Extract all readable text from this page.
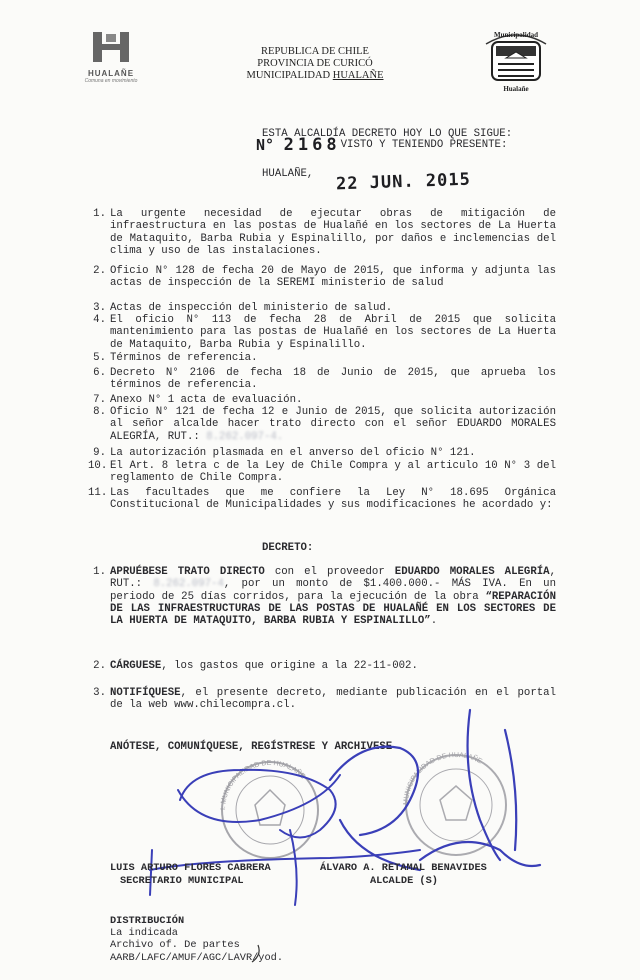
HUALAÑE
Comuna en movimiento
REPUBLICA DE CHILE
PROVINCIA DE CURICÓ
MUNICIPALIDAD HUALAÑE
Municipalidad
Hualañe
ESTA ALCALDÍA DECRETO HOY LO QUE SIGUE:
N° 2168VISTO Y TENIENDO PRESENTE:
HUALAÑE, 22 JUN. 2015
1. La urgente necesidad de ejecutar obras de mitigación de infraestructura en las postas de Hualañé en los sectores de La Huerta de Mataquito, Barba Rubia y Espinalillo, por daños e inclemencias del clima y uso de las instalaciones.
2. Oficio N° 128 de fecha 20 de Mayo de 2015, que informa y adjunta las actas de inspección de la SEREMI ministerio de salud
3. Actas de inspección del ministerio de salud.
4. El oficio N° 113 de fecha 28 de Abril de 2015 que solicita mantenimiento para las postas de Hualañé en los sectores de La Huerta de Mataquito, Barba Rubia y Espinalillo.
5. Términos de referencia.
6. Decreto N° 2106 de fecha 18 de Junio de 2015, que aprueba los términos de referencia.
7. Anexo N° 1 acta de evaluación.
8. Oficio N° 121 de fecha 12 e Junio de 2015, que solicita autorización al señor alcalde hacer trato directo con el señor EDUARDO MORALES ALEGRÍA, RUT.: 8.262.097-4.
9. La autorización plasmada en el anverso del oficio N° 121.
10. El Art. 8 letra c de la Ley de Chile Compra y al articulo 10 N° 3 del reglamento de Chile Compra.
11. Las facultades que me confiere la Ley N° 18.695 Orgánica Constitucional de Municipalidades y sus modificaciones he acordado y:
DECRETO:
1. APRUÉBESE TRATO DIRECTO con el proveedor EDUARDO MORALES ALEGRÍA, RUT.: 8.262.097-4, por un monto de $1.400.000.- MÁS IVA. En un periodo de 25 días corridos, para la ejecución de la obra “REPARACIÓN DE LAS INFRAESTRUCTURAS DE LAS POSTAS DE HUALAÑÉ EN LOS SECTORES DE LA HUERTA DE MATAQUITO, BARBA RUBIA Y ESPINALILLO”.
2. CÁRGUESE, los gastos que origine a la 22-11-002.
3. NOTIFÍQUESE, el presente decreto, mediante publicación en el portal de la web www.chilecompra.cl.
ANÓTESE, COMUNÍQUESE, REGÍSTRESE Y ARCHIVESE
I. MUNICIPALIDAD DE HUALAÑE
MUNICIPALIDAD DE HUALAÑE
LUIS ARTURO FLORES CABRERA
SECRETARIO MUNICIPAL
ÁLVARO A. RETAMAL BENAVIDES
ALCALDE (S)
DISTRIBUCIÓN
La indicada
Archivo of. De partes
AARB/LAFC/AMUF/AGC/LAVR/yod.
